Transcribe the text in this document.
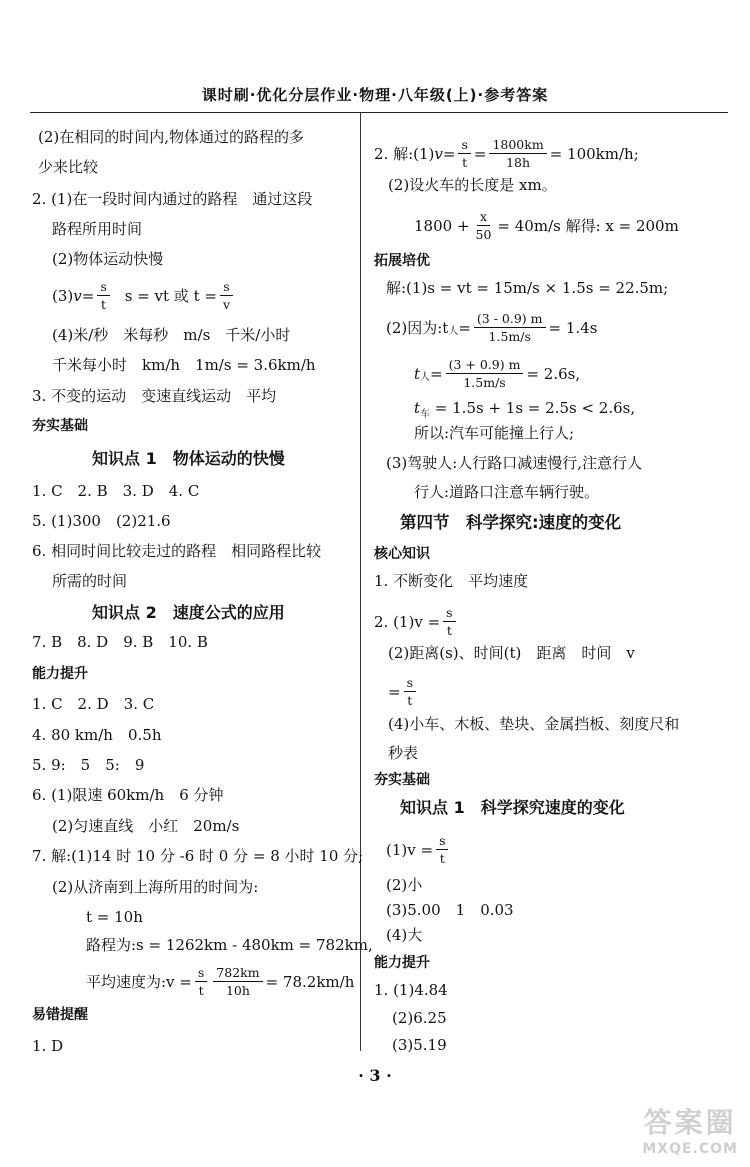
课时刷·优化分层作业·物理·八年级(上)·参考答案
(2)在相同的时间内,物体通过的路程的多
少来比较
2. (1)在一段时间内通过的路程　通过这段
路程所用时间
(2)物体运动快慢
(3) $v = \frac{s}{t}$ s = vt 或 $t = \frac{s}{v}$
(4)米/秒　米每秒　m/s　千米/小时
千米每小时　km/h　1m/s = 3.6km/h
3. 不变的运动　变速直线运动　平均
夯实基础
知识点 1　物体运动的快慢
1. C　2. B　3. D　4. C
5. (1)300　(2)21.6
6. 相同时间比较走过的路程　相同路程比较
所需的时间
知识点 2　速度公式的应用
7. B　8. D　9. B　10. B
能力提升
1. C　2. D　3. C
4. 80 km/h　0.5h
5. 9:　5　5:　9
6. (1)限速 60km/h　6 分钟
(2)匀速直线　小红　20m/s
7. 解:(1)14 时 10 分 -6 时 0 分 = 8 小时 10 分;
(2)从济南到上海所用的时间为:
t = 10h
路程为:s = 1262km - 480km = 782km,
平均速度为:v = $\frac{s}{t} \frac{782km}{10h} = 78.2km/h$
易错提醒
1. D
2. 解:(1) $v = \frac{s}{t} = \frac{1800km}{18h} = 100km/h$;
(2)设火车的长度是 xm。
$1800 + \frac{x}{50} = 40m/s$ 解得: x = 200m
拓展培优
解:(1)s = vt = 15m/s × 1.5s = 22.5m;
(2)因为:t 人 = $\frac{(3 - 0.9) m}{1.5m/s} = 1.4s$
t 人 = $\frac{(3 + 0.9) m}{1.5m/s} = 2.6s$,
$t_车 = 1.5s + 1s = 2.5s < 2.6s$,
所以:汽车可能撞上行人;
(3)驾驶人:人行路口减速慢行,注意行人
行人:道路口注意车辆行驶。
第四节　科学探究:速度的变化
核心知识
1. 不断变化　平均速度
2. $(1)v = \frac{s}{t}$
(2)距离(s)、时间(t)　距离　时间　v
= $\frac{s}{t}$
(4)小车、木板、垫块、金属挡板、刻度尺和
秒表
夯实基础
知识点 1　科学探究速度的变化
$(1)v = \frac{s}{t}$
(2)小
(3)5.00　1　0.03
(4)大
能力提升
1. (1)4.84
(2)6.25
(3)5.19
· 3 ·
答案圈
MXQE.COM
